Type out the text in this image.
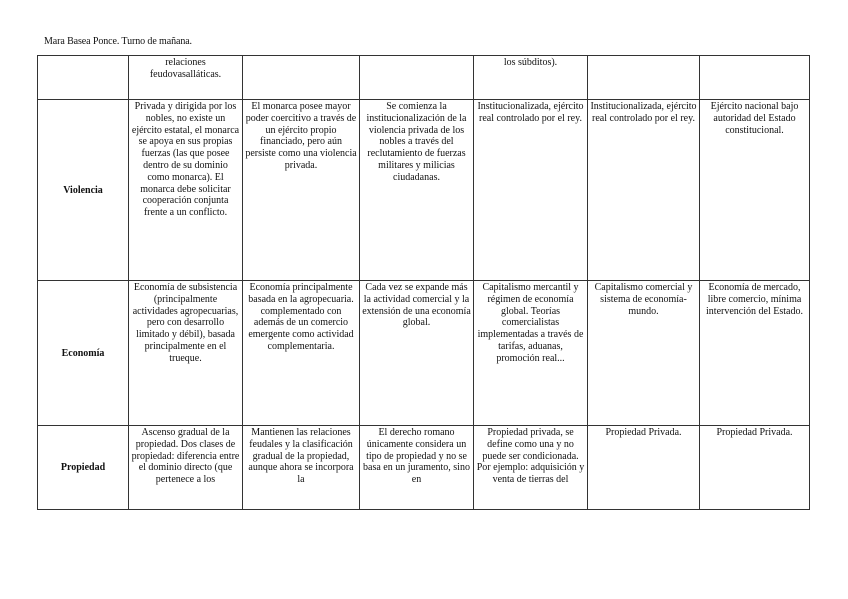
Mara Basea Ponce. Turno de mañana.

	relaciones feudovasalláticas.			los súbditos).		

Violencia	Privada y dirigida por los nobles, no existe un ejército estatal, el monarca se apoya en sus propias fuerzas (las que posee dentro de su dominio como monarca). El monarca debe solicitar cooperación conjunta frente a un conflicto.	El monarca posee mayor poder coercitivo a través de un ejército propio financiado, pero aún persiste como una violencia privada.	Se comienza la institucionalización de la violencia privada de los nobles a través del reclutamiento de fuerzas militares y milicias ciudadanas.	Institucionalizada, ejército real controlado por el rey.	Institucionalizada, ejército real controlado por el rey.	Ejército nacional bajo autoridad del Estado constitucional.

Economía	Economía de subsistencia (principalmente actividades agropecuarias, pero con desarrollo limitado y débil), basada principalmente en el trueque.	Economía principalmente basada en la agropecuaria. complementado con además de un comercio emergente como actividad complementaria.	Cada vez se expande más la actividad comercial y la extensión de una economía global.	Capitalismo mercantil y régimen de economía global. Teorías comercialistas implementadas a través de tarifas, aduanas, promoción real...	Capitalismo comercial y sistema de economía-mundo.	Economía de mercado, libre comercio, mínima intervención del Estado.

Propiedad	Ascenso gradual de la propiedad. Dos clases de propiedad: diferencia entre el dominio directo (que pertenece a los	Mantienen las relaciones feudales y la clasificación gradual de la propiedad, aunque ahora se incorpora la	El derecho romano únicamente considera un tipo de propiedad y no se basa en un juramento, sino en	Propiedad privada, se define como una y no puede ser condicionada. Por ejemplo: adquisición y venta de tierras del	Propiedad Privada.	Propiedad Privada.
